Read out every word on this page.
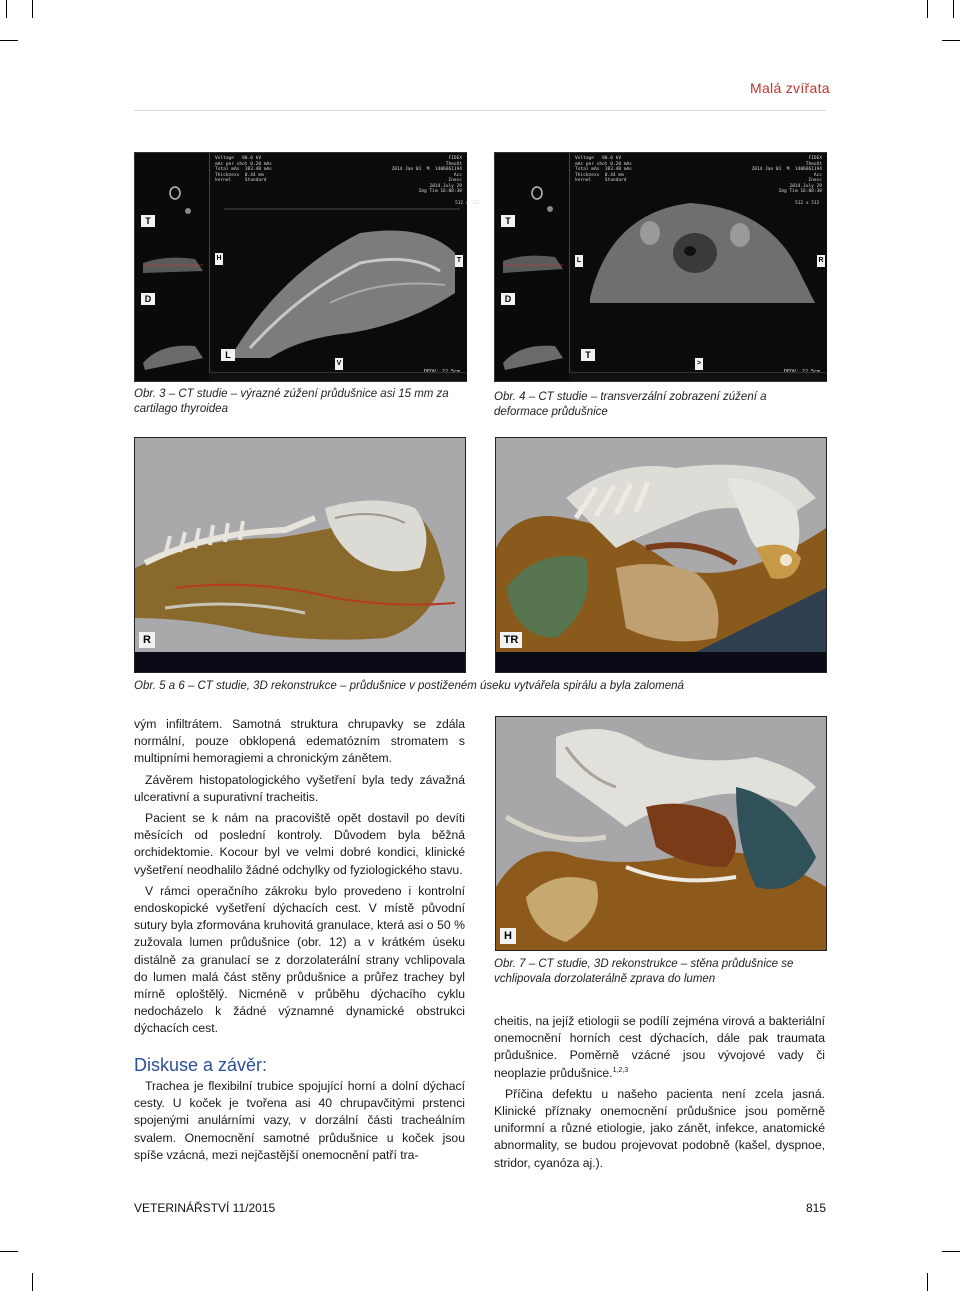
Malá zvířata
Voltage   80.0 kV
mAs per shot 0.20 mAs
Total mAs  103.40 mAs
Thickness  0.44 mm
kernel     Standard
FIDEX
TheoXt
2014 Jan 01  M  1406661194
Acc
Inesc
2014 July 29
Img Tim 16:08:38
512 x 512
T
D
L
H	T
V
Obr. 3 – CT studie – výrazné zúžení průdušnice asi 15 mm za cartilago thyroidea
Voltage   80.0 kV
mAs per shot 0.20 mAs
Total mAs  103.40 mAs
Thickness  0.44 mm
kernel     Standard
FIDEX
TheoXt
2014 Jan 01  M  1406661194
Acc
Inesc
2014 July 29
Img Tim 16:08:38
512 x 512
T
D
T
L	R
>
Obr. 4 – CT studie – transverzální zobrazení zúžení a deformace průdušnice
R	TR
Obr. 5 a 6 – CT studie, 3D rekonstrukce – průdušnice v postiženém úseku vytvářela spirálu a byla zalomená

vým infiltrátem. Samotná struktura chrupavky se zdála normální, pouze obklopená edematózním stromatem s multipními hemoragiemi a chronickým zánětem.

Závěrem histopatologického vyšetření byla tedy závažná ulcerativní a supurativní tracheitis.

Pacient se k nám na pracoviště opět dostavil po devíti měsících od poslední kontroly. Důvodem byla běžná orchidektomie. Kocour byl ve velmi dobré kondici, klinické vyšetření neodhalilo žádné odchylky od fyziologického stavu.

V rámci operačního zákroku bylo provedeno i kontrolní endoskopické vyšetření dýchacích cest. V místě původní sutury byla zformována kruhovitá granulace, která asi o 50 % zužovala lumen průdušnice (obr. 12) a v krátkém úseku distálně za granulací se z dorzolaterální strany vchlipovala do lumen malá část stěny průdušnice a průřez trachey byl mírně oploštělý. Nicméně v průběhu dýchacího cyklu nedocházelo k žádné významné dynamické obstrukci dýchacích cest.

Diskuse a závěr:

Trachea je flexibilní trubice spojující horní a dolní dýchací cesty. U koček je tvořena asi 40 chrupavčitými prstenci spojenými anulárními vazy, v dorzální části tracheálním svalem. Onemocnění samotné průdušnice u koček jsou spíše vzácná, mezi nejčastější onemocnění patří tra-

H
Obr. 7 – CT studie, 3D rekonstrukce – stěna průdušnice se vchlipovala dorzolaterálně zprava do lumen

cheitis, na jejíž etiologii se podílí zejména virová a bakteriální onemocnění horních cest dýchacích, dále pak traumata průdušnice. Poměrně vzácné jsou vývojové vady či neoplazie průdušnice.$^{1,2,3}$

Příčina defektu u našeho pacienta není zcela jasná. Klinické příznaky onemocnění průdušnice jsou poměrně uniformní a různé etiologie, jako zánět, infekce, anatomické abnormality, se budou projevovat podobně (kašel, dyspnoe, stridor, cyanóza aj.).

VETERINÁŘSTVÍ 11/2015	815
